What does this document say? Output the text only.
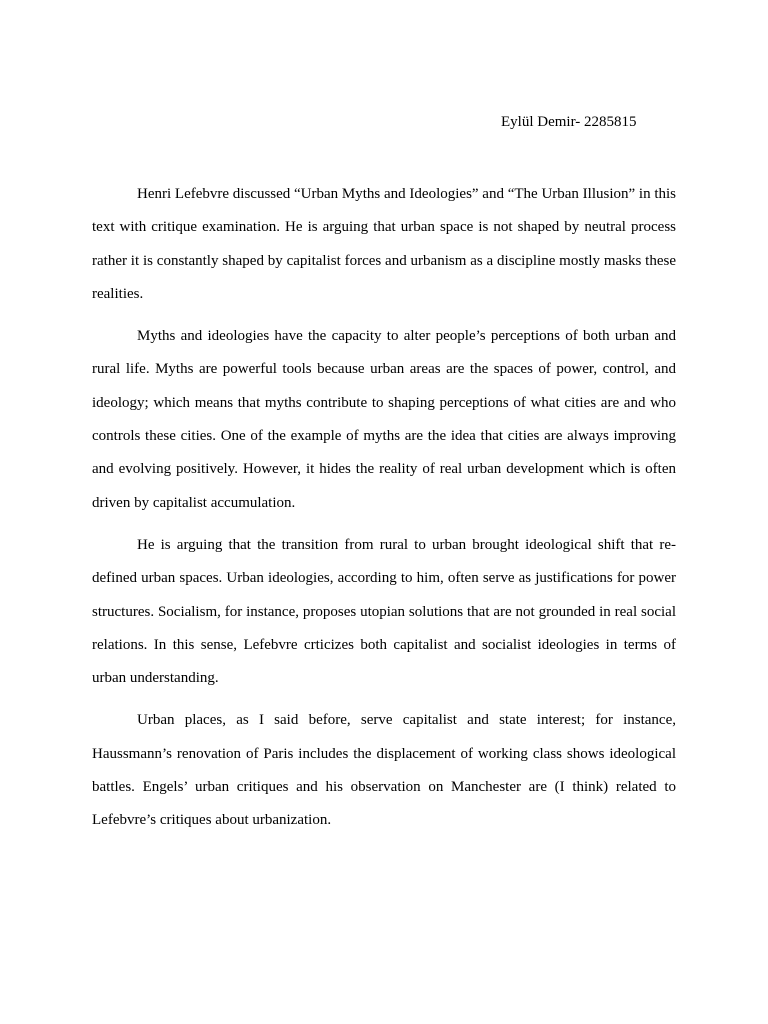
Eylül Demir- 2285815

Henri Lefebvre discussed “Urban Myths and Ideologies” and “The Urban Illusion” in this text with critique examination. He is arguing that urban space is not shaped by neutral process rather it is constantly shaped by capitalist forces and urbanism as a discipline mostly masks these realities.

Myths and ideologies have the capacity to alter people’s perceptions of both urban and rural life. Myths are powerful tools because urban areas are the spaces of power, control, and ideology; which means that myths contribute to shaping perceptions of what cities are and who controls these cities. One of the example of myths are the idea that cities are always improving and evolving positively. However, it hides the reality of real urban development which is often driven by capitalist accumulation.

He is arguing that the transition from rural to urban brought ideological shift that re-defined urban spaces. Urban ideologies, according to him, often serve as justifications for power structures. Socialism, for instance, proposes utopian solutions that are not grounded in real social relations. In this sense, Lefebvre crticizes both capitalist and socialist ideologies in terms of urban understanding.

Urban places, as I said before, serve capitalist and state interest; for instance, Haussmann’s renovation of Paris includes the displacement of working class shows ideological battles. Engels’ urban critiques and his observation on Manchester are (I think) related to Lefebvre’s critiques about urbanization.
